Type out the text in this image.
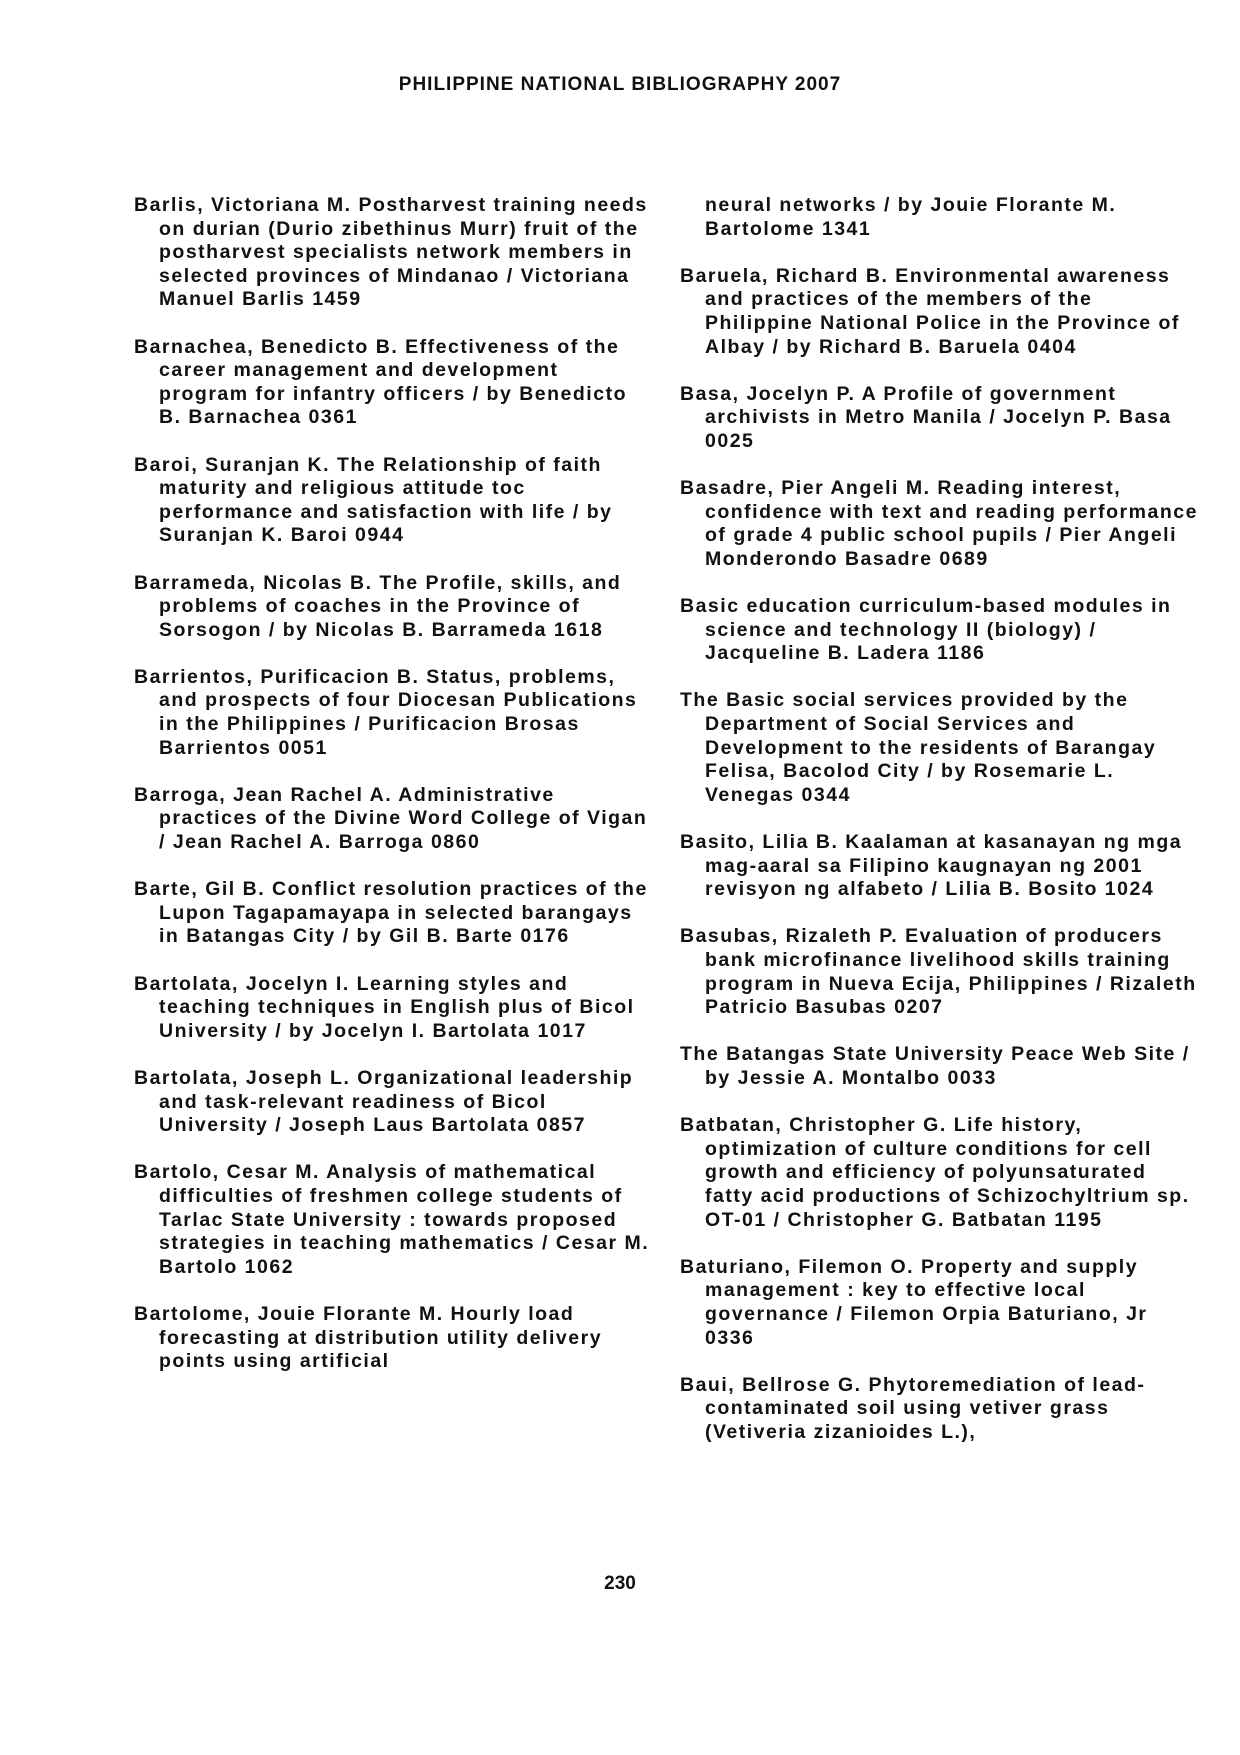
PHILIPPINE NATIONAL BIBLIOGRAPHY 2007

Barlis, Victoriana M. Postharvest training needs on durian (Durio zibethinus Murr) fruit of the postharvest specialists network members in selected provinces of Mindanao / Victoriana Manuel Barlis 1459

Barnachea, Benedicto B. Effectiveness of the career management and development program for infantry officers / by Benedicto B. Barnachea 0361

Baroi, Suranjan K. The Relationship of faith maturity and religious attitude toc performance and satisfaction with life / by Suranjan K. Baroi 0944

Barrameda, Nicolas B. The Profile, skills, and problems of coaches in the Province of Sorsogon / by Nicolas B. Barrameda 1618

Barrientos, Purificacion B. Status, problems, and prospects of four Diocesan Publications in the Philippines / Purificacion Brosas Barrientos 0051

Barroga, Jean Rachel A. Administrative practices of the Divine Word College of Vigan / Jean Rachel A. Barroga 0860

Barte, Gil B. Conflict resolution practices of the Lupon Tagapamayapa in selected barangays in Batangas City / by Gil B. Barte 0176

Bartolata, Jocelyn I. Learning styles and teaching techniques in English plus of Bicol University / by Jocelyn I. Bartolata 1017

Bartolata, Joseph L. Organizational leadership and task-relevant readiness of Bicol University / Joseph Laus Bartolata 0857

Bartolo, Cesar M. Analysis of mathematical difficulties of freshmen college students of Tarlac State University : towards proposed strategies in teaching mathematics / Cesar M. Bartolo 1062

Bartolome, Jouie Florante M. Hourly load forecasting at distribution utility delivery points using artificial

neural networks / by Jouie Florante M. Bartolome 1341

Baruela, Richard B. Environmental awareness and practices of the members of the Philippine National Police in the Province of Albay / by Richard B. Baruela 0404

Basa, Jocelyn P. A Profile of government archivists in Metro Manila / Jocelyn P. Basa 0025

Basadre, Pier Angeli M. Reading interest, confidence with text and reading performance of grade 4 public school pupils / Pier Angeli Monderondo Basadre 0689

Basic education curriculum-based modules in science and technology II (biology) / Jacqueline B. Ladera 1186

The Basic social services provided by the Department of Social Services and Development to the residents of Barangay Felisa, Bacolod City / by Rosemarie L. Venegas 0344

Basito, Lilia B. Kaalaman at kasanayan ng mga mag-aaral sa Filipino kaugnayan ng 2001 revisyon ng alfabeto / Lilia B. Bosito 1024

Basubas, Rizaleth P. Evaluation of producers bank microfinance livelihood skills training program in Nueva Ecija, Philippines / Rizaleth Patricio Basubas 0207

The Batangas State University Peace Web Site / by Jessie A. Montalbo 0033

Batbatan, Christopher G. Life history, optimization of culture conditions for cell growth and efficiency of polyunsaturated fatty acid productions of Schizochyltrium sp. OT-01 / Christopher G. Batbatan 1195

Baturiano, Filemon O. Property and supply management : key to effective local governance / Filemon Orpia Baturiano, Jr 0336

Baui, Bellrose G. Phytoremediation of lead-contaminated soil using vetiver grass (Vetiveria zizanioides L.),

230
